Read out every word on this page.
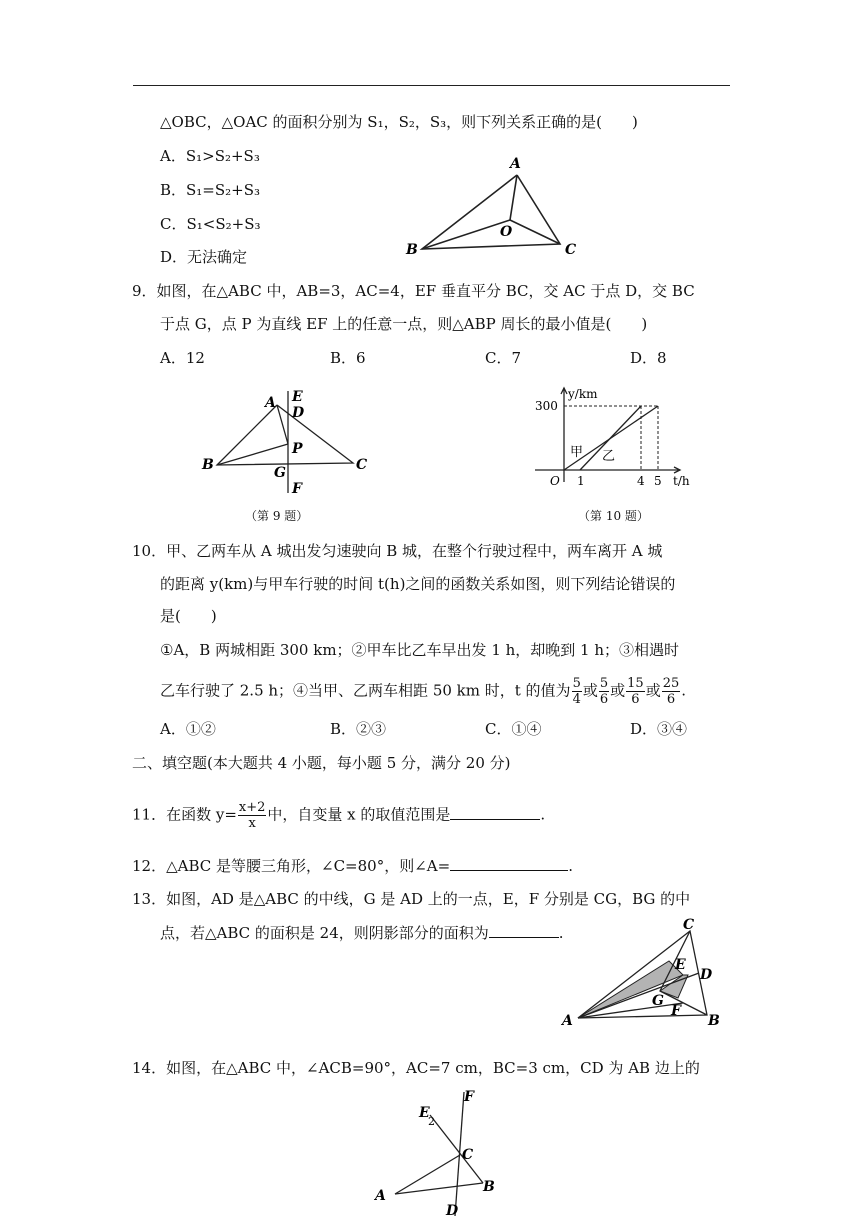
△OBC，△OAC 的面积分别为 S₁，S₂，S₃，则下列关系正确的是(　　)
A．S₁>S₂+S₃
B．S₁=S₂+S₃
C．S₁<S₂+S₃
D．无法确定
A
B	C
O
9．如图，在△ABC 中，AB=3，AC=4，EF 垂直平分 BC，交 AC 于点 D，交 BC
于点 G，点 P 为直线 EF 上的任意一点，则△ABP 周长的最小值是(　　)
A．12	B．6	C．7	D．8
A
B	C
D
E
F
G
P
（第 9 题）
y/km
300
O 1	4 5 t/h
甲 乙
（第 10 题）
10．甲、乙两车从 A 城出发匀速驶向 B 城，在整个行驶过程中，两车离开 A 城
的距离 y(km)与甲车行驶的时间 t(h)之间的函数关系如图，则下列结论错误的
是(　　)
①A，B 两城相距 300 km；②甲车比乙车早出发 1 h，却晚到 1 h；③相遇时
乙车行驶了 2.5 h；④当甲、乙两车相距 50 km 时，t 的值为 $\frac{5}{4}$ 或 $\frac{5}{6}$ 或 $\frac{15}{6}$ 或 $\frac{25}{6}$ .
A．①②	B．②③	C．①④	D．③④
二、填空题(本大题共 4 小题，每小题 5 分，满分 20 分)
11．在函数 $y= \frac{x+2}{x}$ 中，自变量 x 的取值范围是	.
12．△ABC 是等腰三角形，∠C=80°，则∠A=	.
13．如图，AD 是△ABC 的中线，G 是 AD 上的一点，E，F 分别是 CG，BG 的中
点，若△ABC 的面积是 24，则阴影部分的面积为	.
A	B
C
D
E
F
G
14．如图，在△ABC 中，∠ACB=90°，AC=7 cm，BC=3 cm，CD 为 AB 边上的
A
B
C
D
E
F
2
